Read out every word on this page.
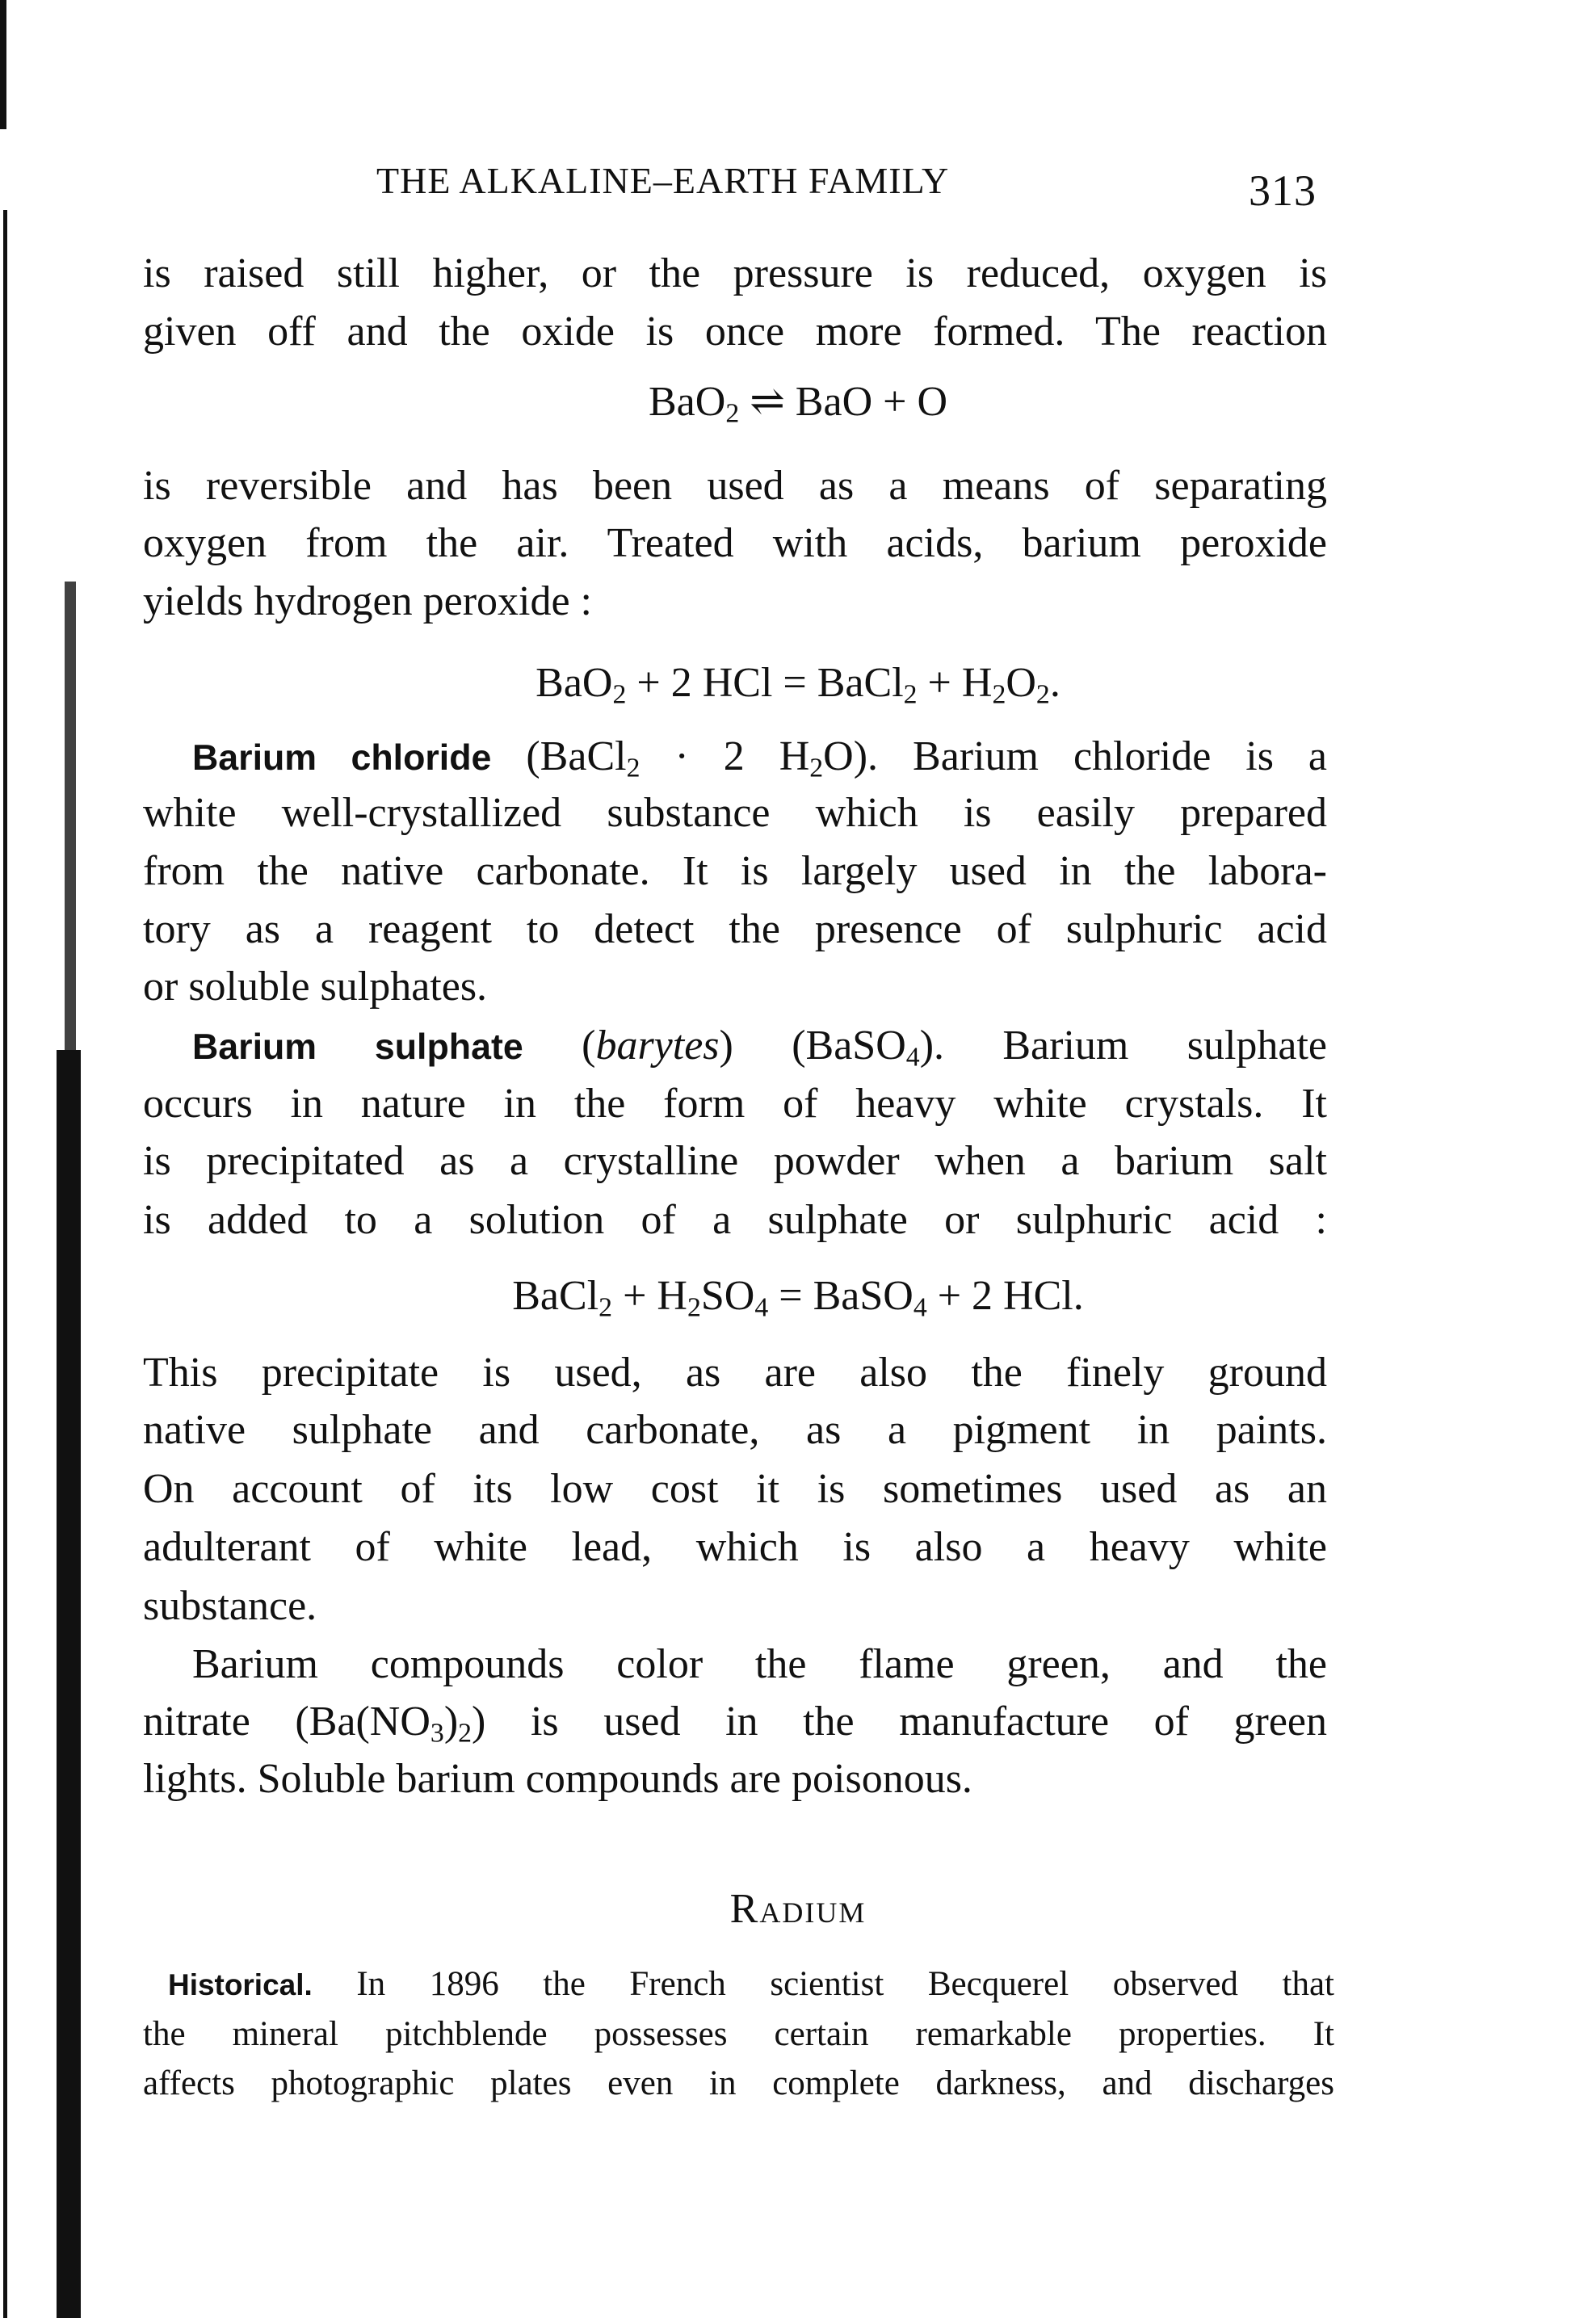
THE ALKALINE–EARTH FAMILY	313
is raised still higher, or the pressure is reduced, oxygen is
given off and the oxide is once more formed. The reaction
BaO$_2$ ⇌ BaO + O
is reversible and has been used as a means of separating
oxygen from the air. Treated with acids, barium peroxide
yields hydrogen peroxide :
BaO$_2$ + 2 HCl = BaCl$_2$ + $H_2O_2$.
Barium chloride (BaCl$_2$ · 2 $H_2O$). Barium chloride is a
white well-crystallized substance which is easily prepared
from the native carbonate. It is largely used in the labora-
tory as a reagent to detect the presence of sulphuric acid
or soluble sulphates.
Barium sulphate (barytes) (BaSO$_4$). Barium sulphate
occurs in nature in the form of heavy white crystals. It
is precipitated as a crystalline powder when a barium salt
is added to a solution of a sulphate or sulphuric acid :
BaCl$_2$ + $H_2SO_4$ = BaSO$_4$ + 2 HCl.
This precipitate is used, as are also the finely ground
native sulphate and carbonate, as a pigment in paints.
On account of its low cost it is sometimes used as an
adulterant of white lead, which is also a heavy white
substance.
Barium compounds color the flame green, and the
nitrate $(Ba(NO_3)_2)$ is used in the manufacture of green
lights. Soluble barium compounds are poisonous.
Radium
Historical. In 1896 the French scientist Becquerel observed that
the mineral pitchblende possesses certain remarkable properties. It
affects photographic plates even in complete darkness, and discharges
